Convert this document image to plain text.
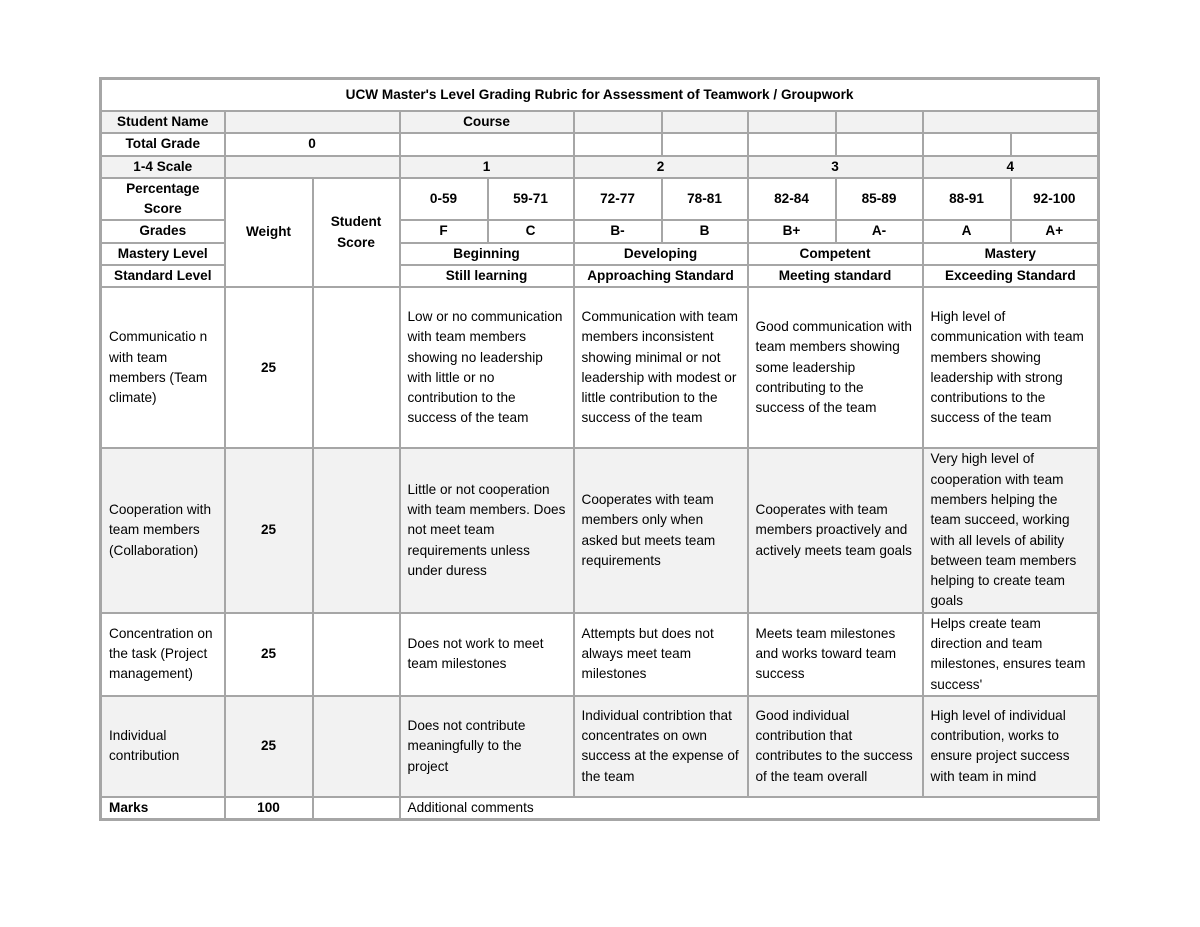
UCW Master's Level Grading Rubric for Assessment of Teamwork / Groupwork										
Student Name			Course							
Total Grade	0									
1-4 Scale			1		2		3		4	
Percentage Score	Weight	Student Score	0-59	59-71	72-77	78-81	82-84	85-89	88-91	92-100
Grades			F	C	B-	B	B+	A-	A	A+
Mastery Level			Beginning		Developing		Competent		Mastery	
Standard Level			Still learning		Approaching Standard		Meeting standard		Exceeding Standard	
Communicatio n with team members (Team climate)	25		Low or no communication with team members showing no leadership with little or no contribution to the success of the team		Communication with team members inconsistent showing minimal or not leadership with modest or little contribution to the success of the team		Good communication with team members showing some leadership contributing to the success of the team		High level of communication with team members showing leadership with strong contributions to the success of the team	
Cooperation with team members (Collaboration)	25		Little or not cooperation with team members. Does not meet team requirements unless under duress		Cooperates with team members only when asked but meets team requirements		Cooperates with team members proactively and actively meets team goals		Very high level of cooperation with team members helping the team succeed, working with all levels of ability between team members helping to create team goals	
Concentration on the task (Project management)	25		Does not work to meet team milestones		Attempts but does not always meet team milestones		Meets team milestones and works toward team success		Helps create team direction and team milestones, ensures team success'	
Individual contribution	25		Does not contribute meaningfully to the project		Individual contribtion that concentrates on own success at the expense of the team		Good individual contribution that contributes to the success of the team overall		High level of individual contribution, works to ensure project success with team in mind	
Marks	100		Additional comments							
